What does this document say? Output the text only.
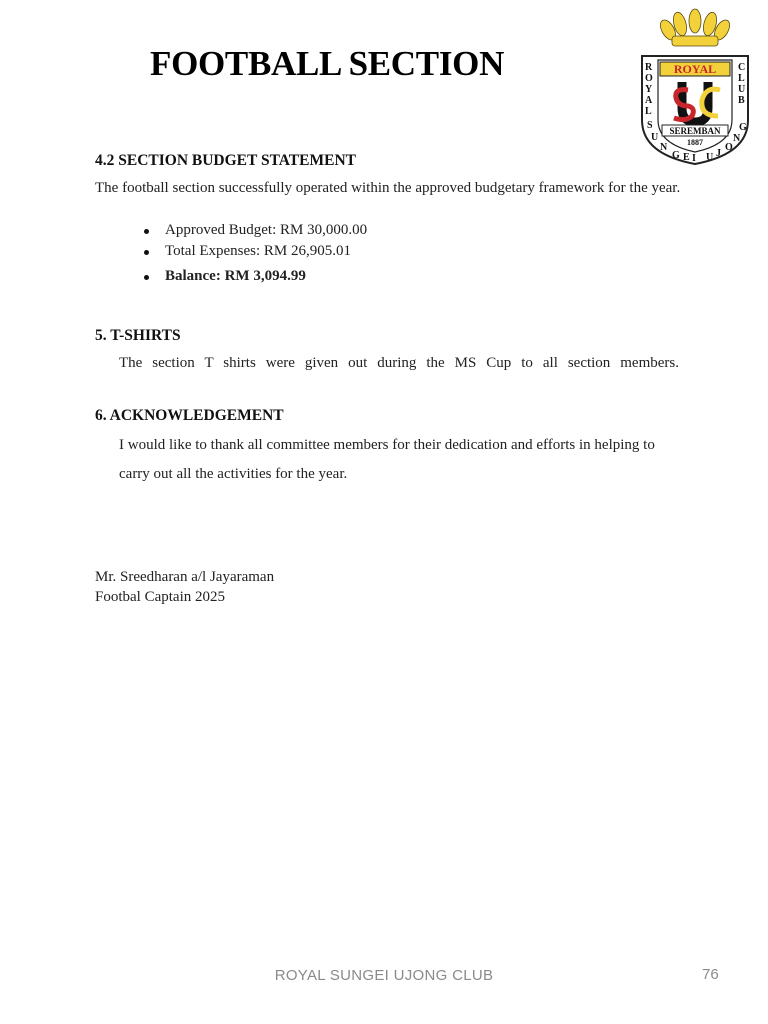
FOOTBALL SECTION	R
O
Y
A
L
C
L
U
B
S
U
N
G E I U J
O
N
G
ROYAL
SEREMBAN
1887
4.2 SECTION BUDGET STATEMENT
The football section successfully operated within the approved budgetary framework for the year.
Approved Budget: RM 30,000.00
Total Expenses: RM 26,905.01
Balance: RM 3,094.99
5. T-SHIRTS
The section T shirts were given out during the MS Cup to all section members.
6. ACKNOWLEDGEMENT
I would like to thank all committee members for their dedication and efforts in helping to carry out all the activities for the year.
Mr. Sreedharan a/l Jayaraman
Footbal Captain 2025
ROYAL SUNGEI UJONG CLUB	76
